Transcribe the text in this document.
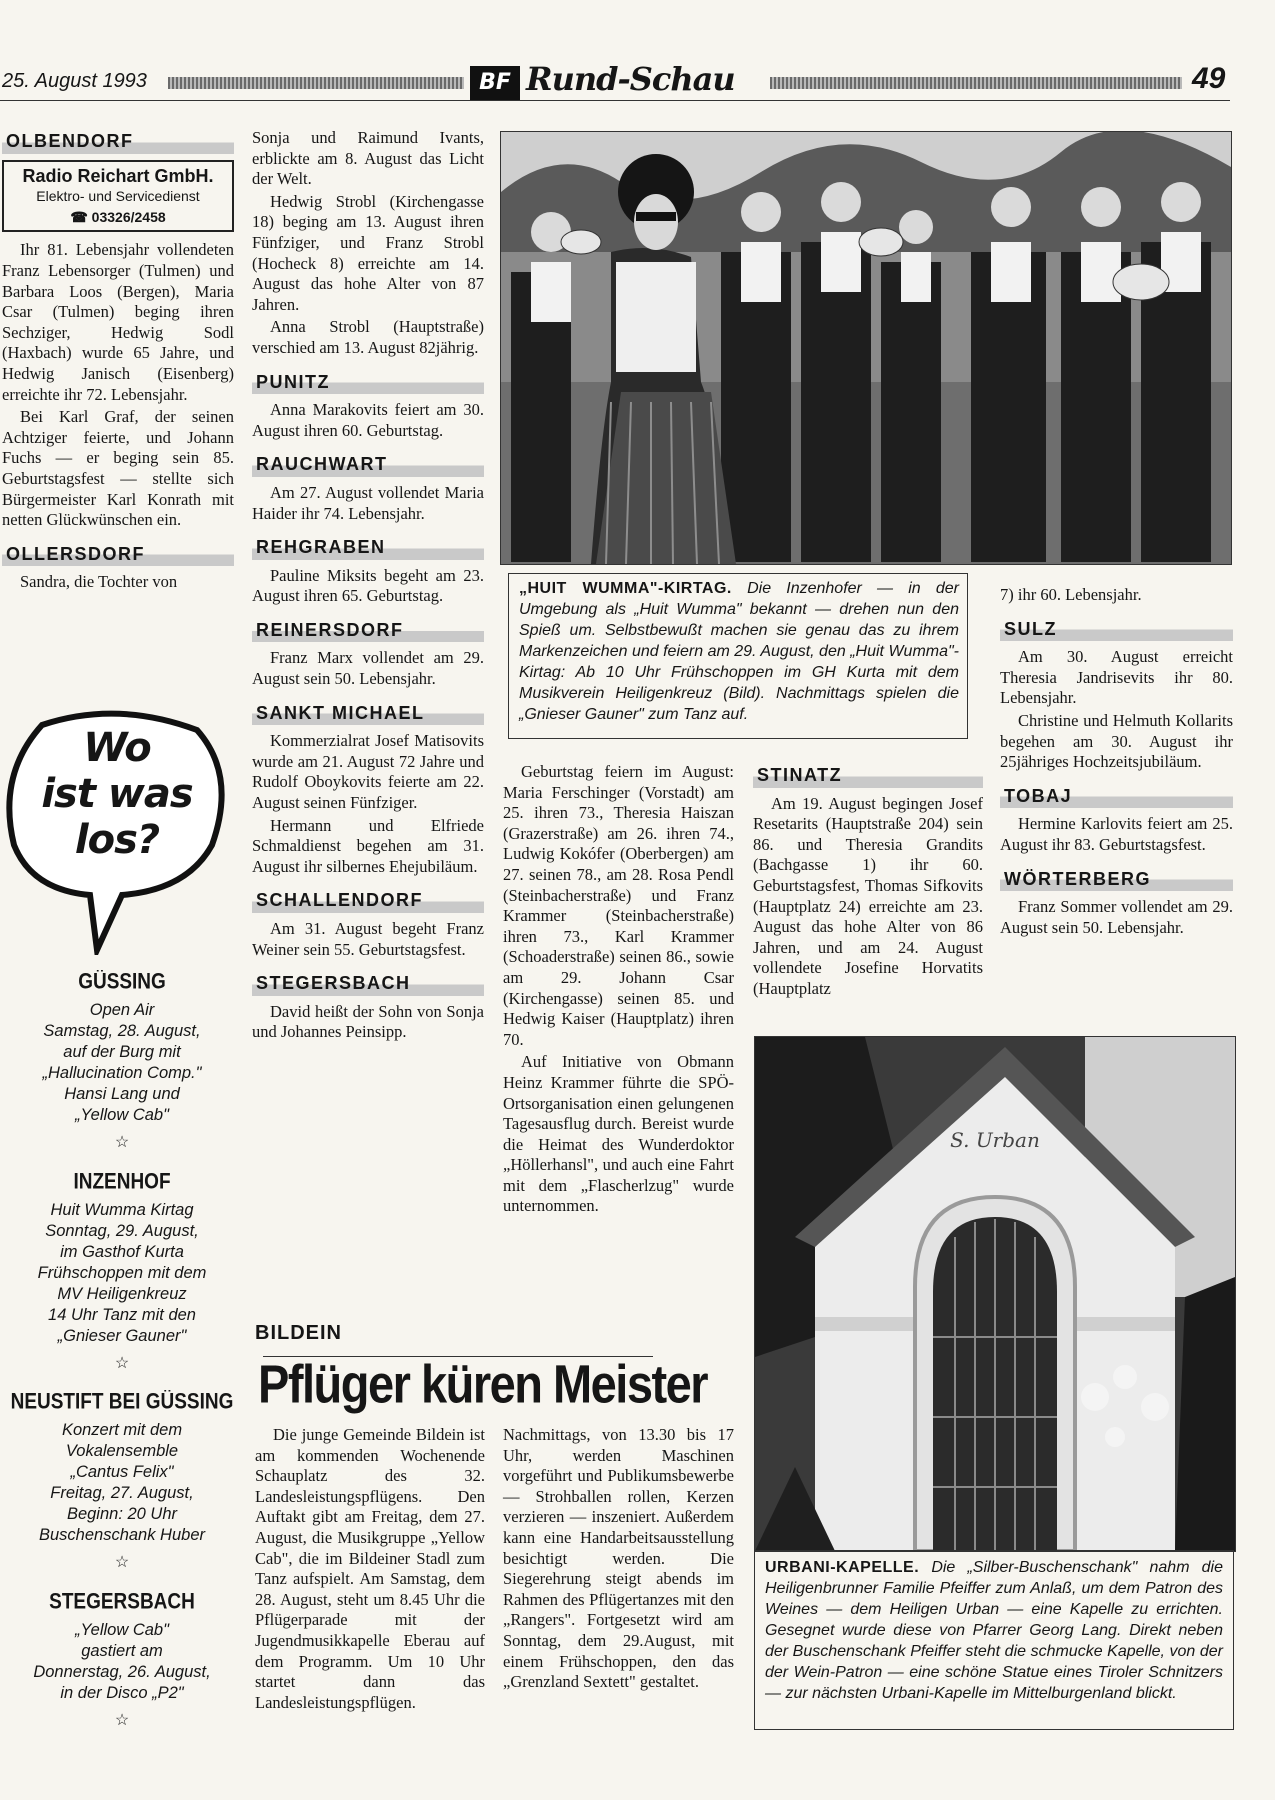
25. August 1993	BF Rund-Schau	49
OLBENDORF
Radio Reichart GmbH.
Elektro- und Servicedienst
☎ 03326/2458

Ihr 81. Lebensjahr vollendeten Franz Lebensorger (Tulmen) und Barbara Loos (Bergen), Maria Csar (Tulmen) beging ihren Sechziger, Hedwig Sodl (Haxbach) wurde 65 Jahre, und Hedwig Janisch (Eisenberg) erreichte ihr 72. Lebensjahr.

Bei Karl Graf, der seinen Achtziger feierte, und Johann Fuchs — er beging sein 85. Geburtstagsfest — stellte sich Bürgermeister Karl Konrath mit netten Glückwünschen ein.

OLLERSDORF

Sandra, die Tochter von

Wo
ist was
los?
GÜSSING
Open Air
Samstag, 28. August,
auf der Burg mit
„Hallucination Comp."
Hansi Lang und
„Yellow Cab"
☆
INZENHOF
Huit Wumma Kirtag
Sonntag, 29. August,
im Gasthof Kurta
Frühschoppen mit dem
MV Heiligenkreuz
14 Uhr Tanz mit den
„Gnieser Gauner"
☆
NEUSTIFT BEI GÜSSING
Konzert mit dem
Vokalensemble
„Cantus Felix"
Freitag, 27. August,
Beginn: 20 Uhr
Buschenschank Huber
☆
STEGERSBACH
„Yellow Cab"
gastiert am
Donnerstag, 26. August,
in der Disco „P2"
☆

Sonja und Raimund Ivants, erblickte am 8. August das Licht der Welt.

Hedwig Strobl (Kirchengasse 18) beging am 13. August ihren Fünfziger, und Franz Strobl (Hocheck 8) erreichte am 14. August das hohe Alter von 87 Jahren.

Anna Strobl (Hauptstraße) verschied am 13. August 82jährig.

PUNITZ

Anna Marakovits feiert am 30. August ihren 60. Geburtstag.

RAUCHWART

Am 27. August vollendet Maria Haider ihr 74. Lebensjahr.

REHGRABEN

Pauline Miksits begeht am 23. August ihren 65. Geburtstag.

REINERSDORF

Franz Marx vollendet am 29. August sein 50. Lebensjahr.

SANKT MICHAEL

Kommerzialrat Josef Matisovits wurde am 21. August 72 Jahre und Rudolf Oboykovits feierte am 22. August seinen Fünfziger.

Hermann und Elfriede Schmaldienst begehen am 31. August ihr silbernes Ehejubiläum.

SCHALLENDORF

Am 31. August begeht Franz Weiner sein 55. Geburtstagsfest.

STEGERSBACH

David heißt der Sohn von Sonja und Johannes Peinsipp.

„HUIT WUMMA"-KIRTAG. Die Inzenhofer — in der Umgebung als „Huit Wumma" bekannt — drehen nun den Spieß um. Selbstbewußt machen sie genau das zu ihrem Markenzeichen und feiern am 29. August, den „Huit Wumma"-Kirtag: Ab 10 Uhr Frühschoppen im GH Kurta mit dem Musikverein Heiligenkreuz (Bild). Nachmittags spielen die „Gnieser Gauner" zum Tanz auf.

Geburtstag feiern im August: Maria Ferschinger (Vorstadt) am 25. ihren 73., Theresia Haiszan (Grazerstraße) am 26. ihren 74., Ludwig Kokófer (Oberbergen) am 27. seinen 78., am 28. Rosa Pendl (Steinbacherstraße) und Franz Krammer (Steinbacherstraße) ihren 73., Karl Krammer (Schoaderstraße) seinen 86., sowie am 29. Johann Csar (Kirchengasse) seinen 85. und Hedwig Kaiser (Hauptplatz) ihren 70.

Auf Initiative von Obmann Heinz Krammer führte die SPÖ-Ortsorganisation einen gelungenen Tagesausflug durch. Bereist wurde die Heimat des Wunderdoktor „Höllerhansl", und auch eine Fahrt mit dem „Flascherlzug" wurde unternommen.

STINATZ

Am 19. August begingen Josef Resetarits (Hauptstraße 204) sein 86. und Theresia Grandits (Bachgasse 1) ihr 60. Geburtstagsfest, Thomas Sifkovits (Hauptplatz 24) erreichte am 23. August das hohe Alter von 86 Jahren, und am 24. August vollendete Josefine Horvatits (Hauptplatz

7) ihr 60. Lebensjahr.

SULZ

Am 30. August erreicht Theresia Jandrisevits ihr 80. Lebensjahr.

Christine und Helmuth Kollarits begehen am 30. August ihr 25jähriges Hochzeitsjubiläum.

TOBAJ

Hermine Karlovits feiert am 25. August ihr 83. Geburtstagsfest.

WÖRTERBERG

Franz Sommer vollendet am 29. August sein 50. Lebensjahr.

BILDEIN
Pflüger küren Meister

Die junge Gemeinde Bildein ist am kommenden Wochenende Schauplatz des 32. Landesleistungspflügens. Den Auftakt gibt am Freitag, dem 27. August, die Musikgruppe „Yellow Cab", die im Bildeiner Stadl zum Tanz aufspielt. Am Samstag, dem 28. August, steht um 8.45 Uhr die Pflügerparade mit der Jugendmusikkapelle Eberau auf dem Programm. Um 10 Uhr startet dann das Landesleistungspflügen.

Nachmittags, von 13.30 bis 17 Uhr, werden Maschinen vorgeführt und Publikumsbewerbe — Strohballen rollen, Kerzen verzieren — inszeniert. Außerdem kann eine Handarbeitsausstellung besichtigt werden. Die Siegerehrung steigt abends im Rahmen des Pflügertanzes mit den „Rangers". Fortgesetzt wird am Sonntag, dem 29.August, mit einem Frühschoppen, den das „Grenzland Sextett" gestaltet.

S. Urban
URBANI-KAPELLE. Die „Silber-Buschenschank" nahm die Heiligenbrunner Familie Pfeiffer zum Anlaß, um dem Patron des Weines — dem Heiligen Urban — eine Kapelle zu errichten. Gesegnet wurde diese von Pfarrer Georg Lang. Direkt neben der Buschenschank Pfeiffer steht die schmucke Kapelle, von der der Wein-Patron — eine schöne Statue eines Tiroler Schnitzers — zur nächsten Urbani-Kapelle im Mittelburgenland blickt.
